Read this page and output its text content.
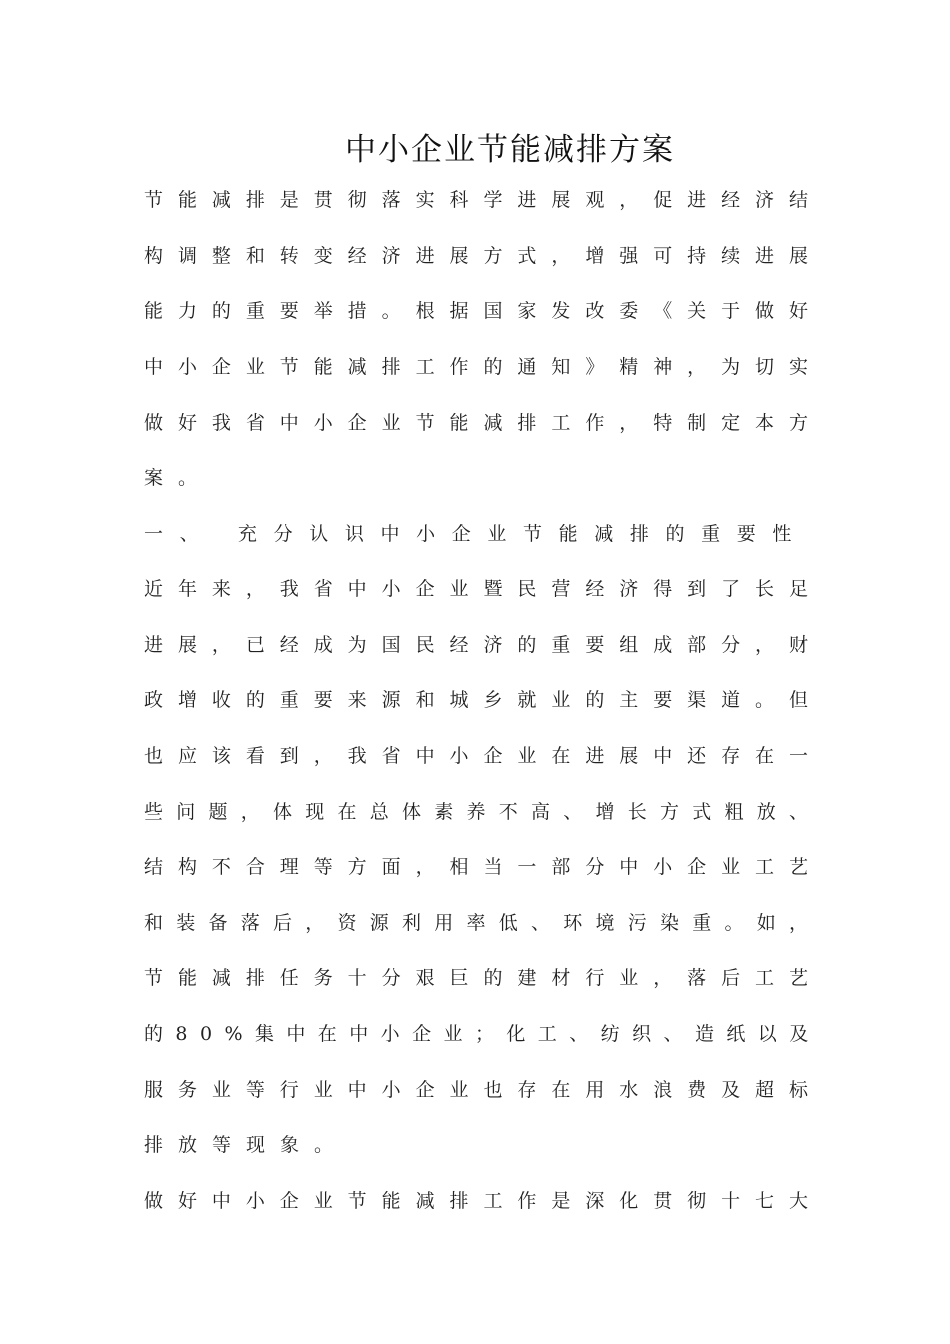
中小企业节能减排方案
节能减排是贯彻落实科学进展观，促进经济结
构调整和转变经济进展方式，增强可持续进展
能力的重要举措。根据国家发改委《关于做好
中小企业节能减排工作的通知》精神，为切实
做好我省中小企业节能减排工作，特制定本方
案。
一、 充分认识中小企业节能减排的重要性
近年来，我省中小企业暨民营经济得到了长足
进展，已经成为国民经济的重要组成部分，财
政增收的重要来源和城乡就业的主要渠道。但
也应该看到，我省中小企业在进展中还存在一
些问题，体现在总体素养不高、增长方式粗放、
结构不合理等方面，相当一部分中小企业工艺
和装备落后，资源利用率低、环境污染重。如，
节能减排任务十分艰巨的建材行业，落后工艺
的80%集中在中小企业；化工、纺织、造纸以及
服务业等行业中小企业也存在用水浪费及超标
排放等现象。
做好中小企业节能减排工作是深化贯彻十七大
